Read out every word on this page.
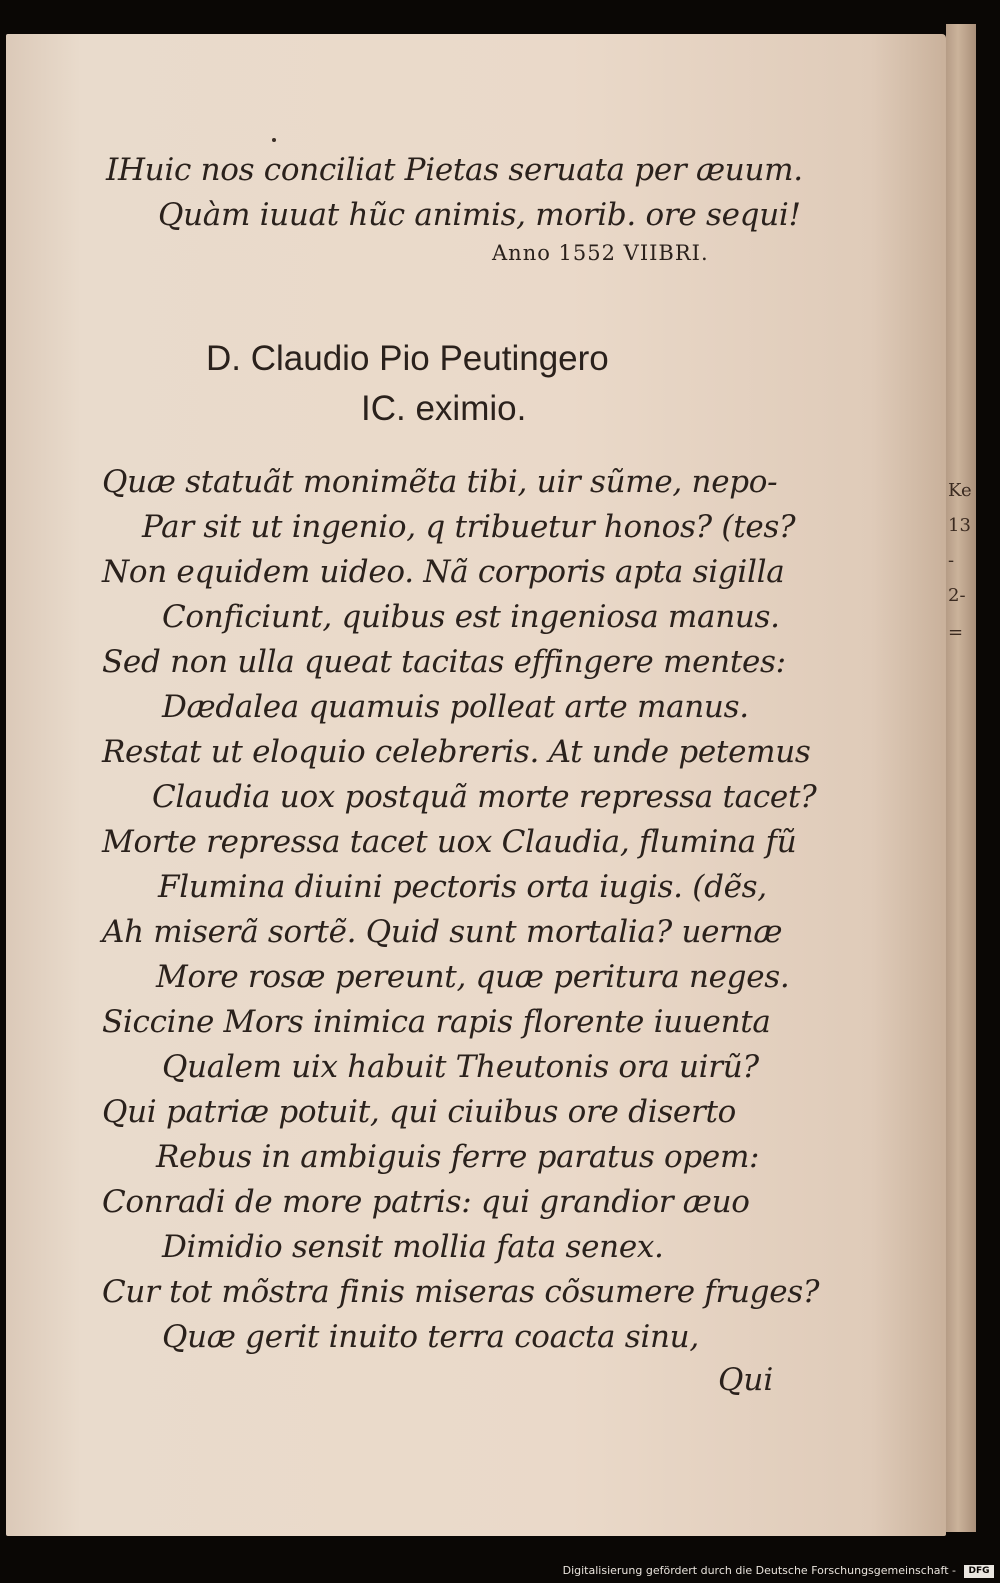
Ke
13
-
2-
=

IHuic nos conciliat Pietas seruata per æuum.

Quàm iuuat hũc animis, morib. ore sequi!

Anno 1552 VIIBRI.

D. Claudio Pio Peutingero

IC. eximio.

Quæ statuãt monimẽta tibi, uir sũme, nepo-

Par sit ut ingenio, q tribuetur honos? (tes?

Non equidem uideo. Nã corporis apta sigilla

Conficiunt, quibus est ingeniosa manus.

Sed non ulla queat tacitas effingere mentes:

Dædalea quamuis polleat arte manus.

Restat ut eloquio celebreris. At unde petemus

Claudia uox postquã morte repressa tacet?

Morte repressa tacet uox Claudia, flumina fũ

Flumina diuini pectoris orta iugis. (dẽs,

Ah miserã sortẽ. Quid sunt mortalia? uernæ

More rosæ pereunt, quæ peritura neges.

Siccine Mors inimica rapis florente iuuenta

Qualem uix habuit Theutonis ora uirũ?

Qui patriæ potuit, qui ciuibus ore diserto

Rebus in ambiguis ferre paratus opem:

Conradi de more patris: qui grandior æuo

Dimidio sensit mollia fata senex.

Cur tot mõstra finis miseras cõsumere fruges?

Quæ gerit inuito terra coacta sinu,

Qui

Digitalisierung gefördert durch die Deutsche Forschungsgemeinschaft -	DFG
